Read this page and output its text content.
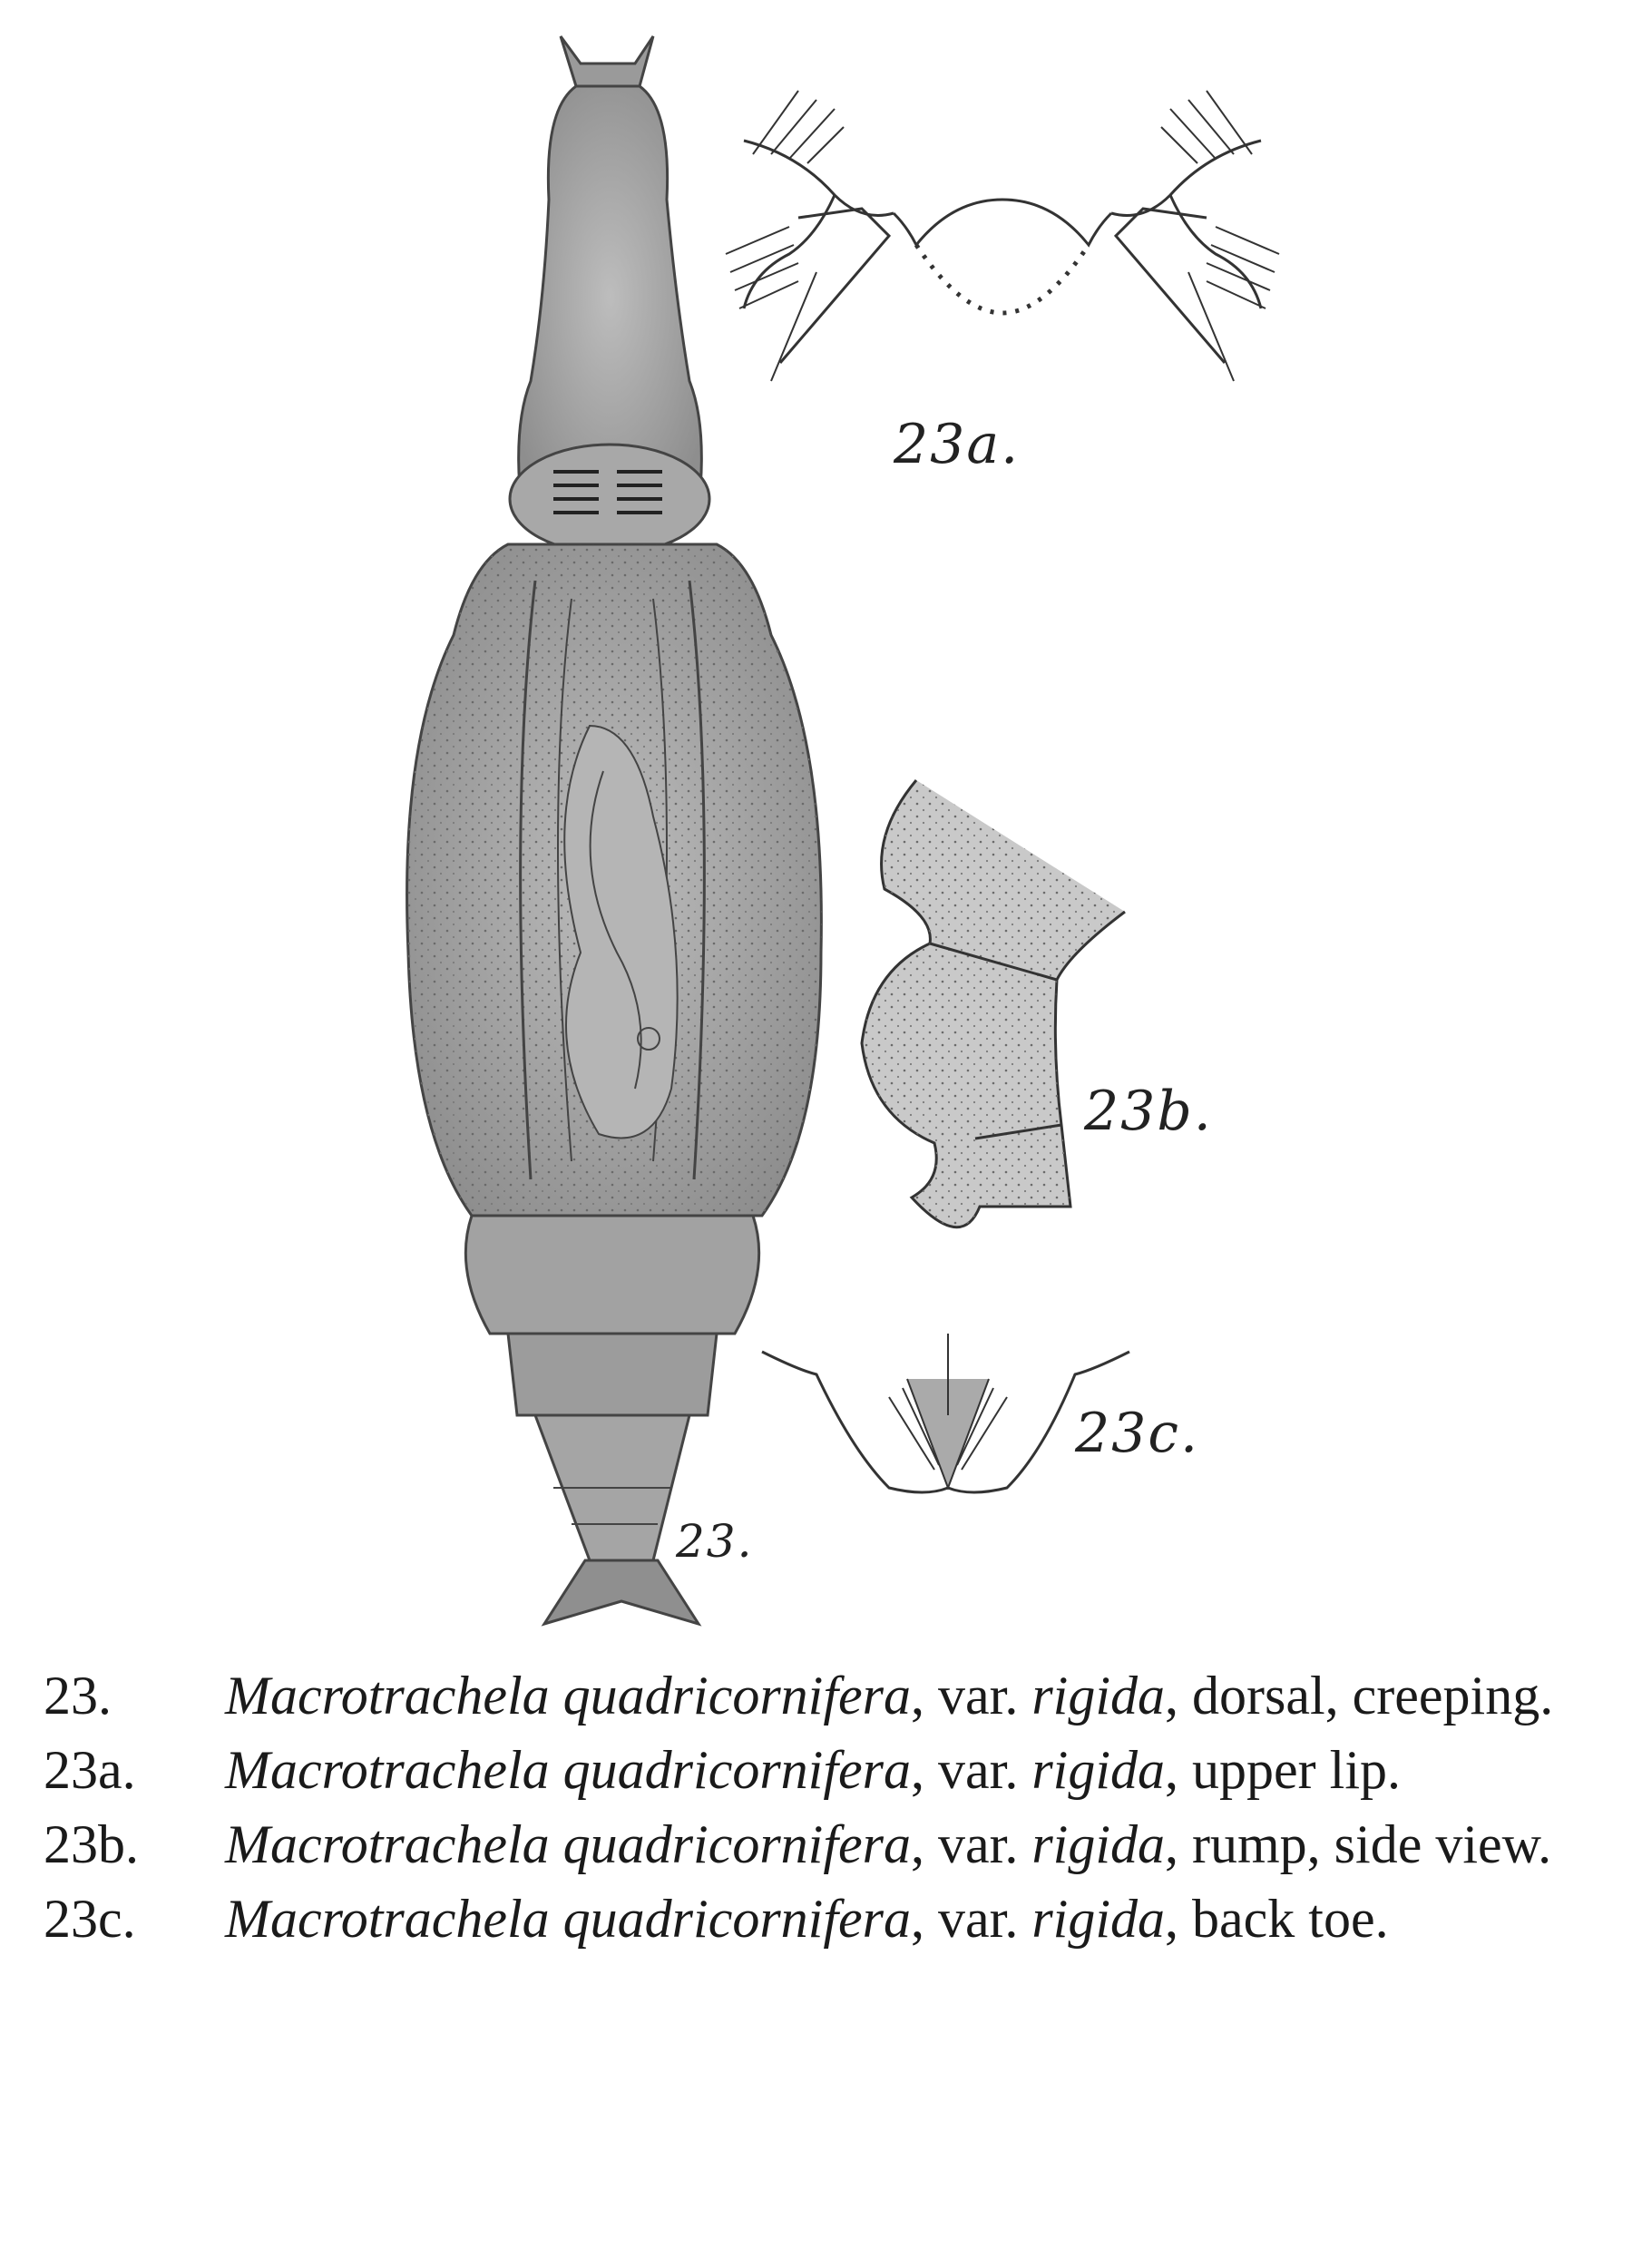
23a.
23b.
23c.
23.
23.	Macrotrachela quadricornifera, var. rigida, dorsal, creeping.
23a.	Macrotrachela quadricornifera, var. rigida, upper lip.
23b.	Macrotrachela quadricornifera, var. rigida, rump, side view.
23c.	Macrotrachela quadricornifera, var. rigida, back toe.
